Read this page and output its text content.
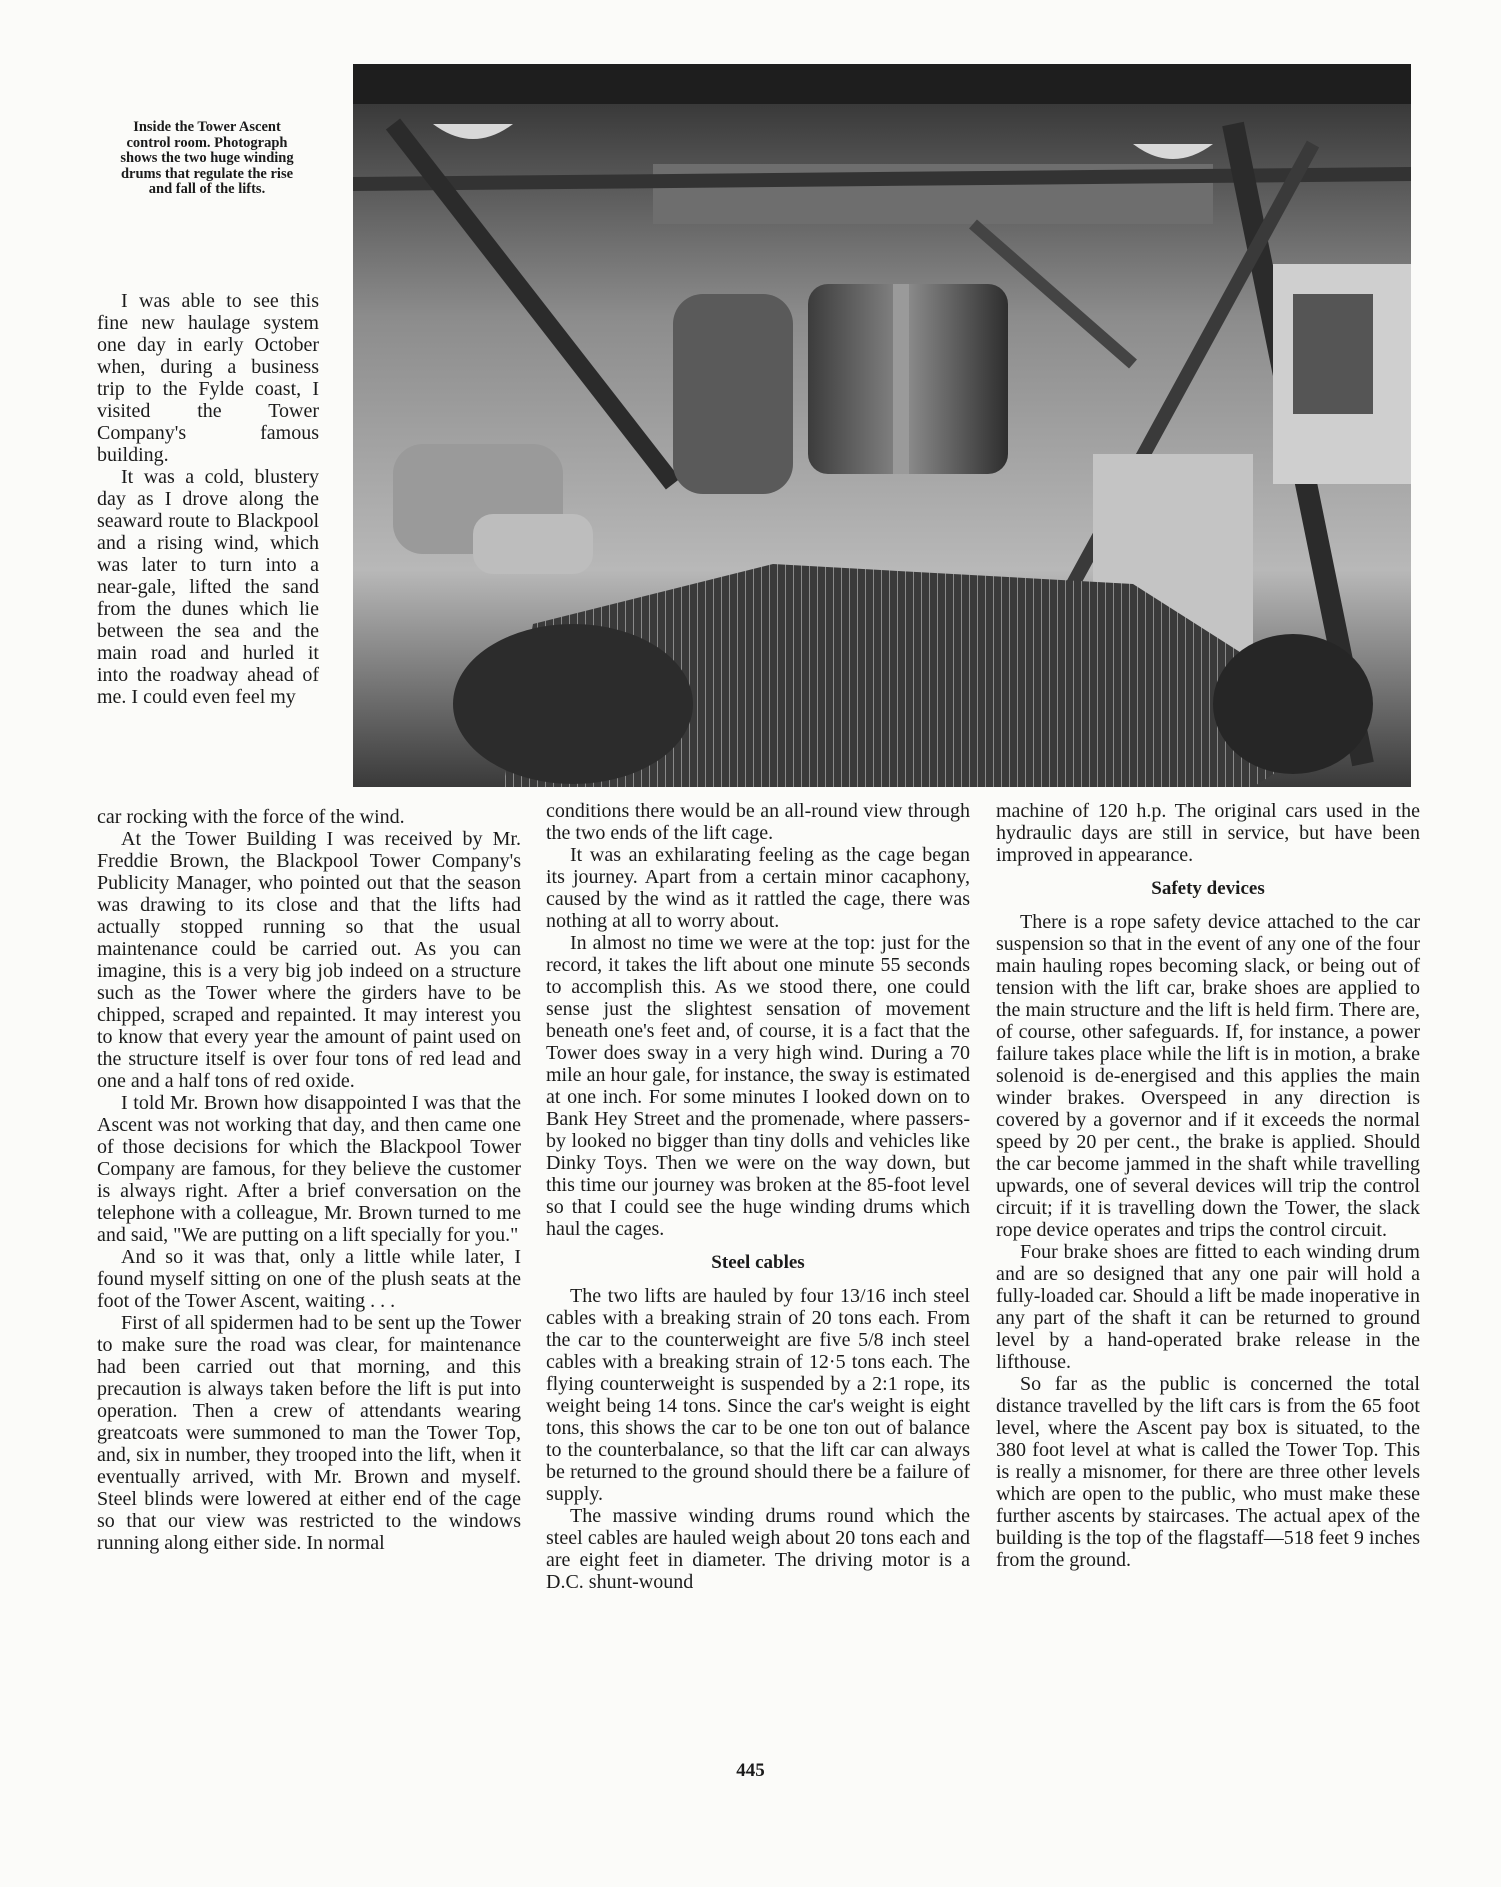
Inside the Tower Ascent control room. Photograph shows the two huge winding drums that regulate the rise and fall of the lifts.

I was able to see this fine new haulage system one day in early October when, during a business trip to the Fylde coast, I visited the Tower Company's famous building.

It was a cold, blustery day as I drove along the seaward route to Blackpool and a rising wind, which was later to turn into a near-gale, lifted the sand from the dunes which lie between the sea and the main road and hurled it into the roadway ahead of me. I could even feel my

car rocking with the force of the wind.

At the Tower Building I was received by Mr. Freddie Brown, the Blackpool Tower Company's Publicity Manager, who pointed out that the season was drawing to its close and that the lifts had actually stopped running so that the usual maintenance could be carried out. As you can imagine, this is a very big job indeed on a structure such as the Tower where the girders have to be chipped, scraped and repainted. It may interest you to know that every year the amount of paint used on the structure itself is over four tons of red lead and one and a half tons of red oxide.

I told Mr. Brown how disappointed I was that the Ascent was not working that day, and then came one of those decisions for which the Blackpool Tower Company are famous, for they believe the customer is always right. After a brief conversation on the telephone with a colleague, Mr. Brown turned to me and said, "We are putting on a lift specially for you."

And so it was that, only a little while later, I found myself sitting on one of the plush seats at the foot of the Tower Ascent, waiting . . .

First of all spidermen had to be sent up the Tower to make sure the road was clear, for maintenance had been carried out that morning, and this precaution is always taken before the lift is put into operation. Then a crew of attendants wearing greatcoats were summoned to man the Tower Top, and, six in number, they trooped into the lift, when it eventually arrived, with Mr. Brown and myself. Steel blinds were lowered at either end of the cage so that our view was restricted to the windows running along either side. In normal

conditions there would be an all-round view through the two ends of the lift cage.

It was an exhilarating feeling as the cage began its journey. Apart from a certain minor cacaphony, caused by the wind as it rattled the cage, there was nothing at all to worry about.

In almost no time we were at the top: just for the record, it takes the lift about one minute 55 seconds to accomplish this. As we stood there, one could sense just the slightest sensation of movement beneath one's feet and, of course, it is a fact that the Tower does sway in a very high wind. During a 70 mile an hour gale, for instance, the sway is estimated at one inch. For some minutes I looked down on to Bank Hey Street and the promenade, where passers-by looked no bigger than tiny dolls and vehicles like Dinky Toys. Then we were on the way down, but this time our journey was broken at the 85-foot level so that I could see the huge winding drums which haul the cages.

Steel cables

The two lifts are hauled by four 13/16 inch steel cables with a breaking strain of 20 tons each. From the car to the counterweight are five 5/8 inch steel cables with a breaking strain of 12·5 tons each. The flying counterweight is suspended by a 2:1 rope, its weight being 14 tons. Since the car's weight is eight tons, this shows the car to be one ton out of balance to the counterbalance, so that the lift car can always be returned to the ground should there be a failure of supply.

The massive winding drums round which the steel cables are hauled weigh about 20 tons each and are eight feet in diameter. The driving motor is a D.C. shunt-wound

machine of 120 h.p. The original cars used in the hydraulic days are still in service, but have been improved in appearance.

Safety devices

There is a rope safety device attached to the car suspension so that in the event of any one of the four main hauling ropes becoming slack, or being out of tension with the lift car, brake shoes are applied to the main structure and the lift is held firm. There are, of course, other safeguards. If, for instance, a power failure takes place while the lift is in motion, a brake solenoid is de-energised and this applies the main winder brakes. Overspeed in any direction is covered by a governor and if it exceeds the normal speed by 20 per cent., the brake is applied. Should the car become jammed in the shaft while travelling upwards, one of several devices will trip the control circuit; if it is travelling down the Tower, the slack rope device operates and trips the control circuit.

Four brake shoes are fitted to each winding drum and are so designed that any one pair will hold a fully-loaded car. Should a lift be made inoperative in any part of the shaft it can be returned to ground level by a hand-operated brake release in the lifthouse.

So far as the public is concerned the total distance travelled by the lift cars is from the 65 foot level, where the Ascent pay box is situated, to the 380 foot level at what is called the Tower Top. This is really a misnomer, for there are three other levels which are open to the public, who must make these further ascents by staircases. The actual apex of the building is the top of the flagstaff—518 feet 9 inches from the ground.

445
